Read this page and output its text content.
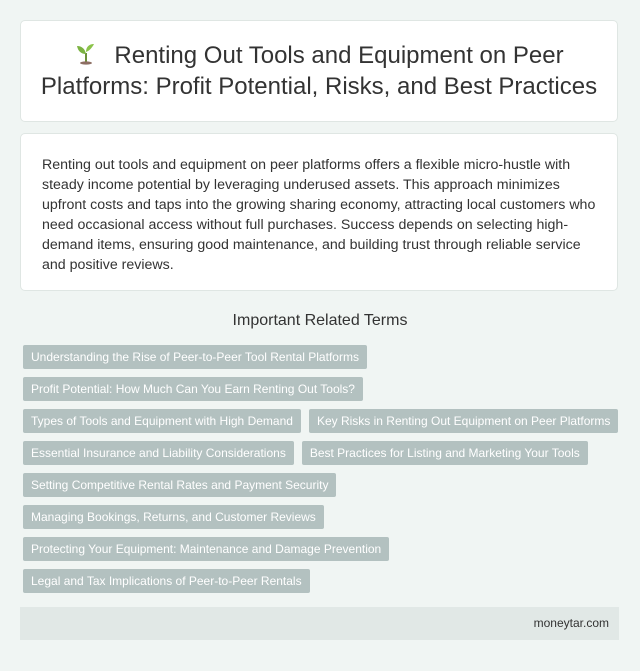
Renting Out Tools and Equipment on Peer Platforms: Profit Potential, Risks, and Best Practices

Renting out tools and equipment on peer platforms offers a flexible micro-hustle with steady income potential by leveraging underused assets. This approach minimizes upfront costs and taps into the growing sharing economy, attracting local customers who need occasional access without full purchases. Success depends on selecting high-demand items, ensuring good maintenance, and building trust through reliable service and positive reviews.

Important Related Terms
Understanding the Rise of Peer-to-Peer Tool Rental Platforms
Profit Potential: How Much Can You Earn Renting Out Tools?
Types of Tools and Equipment with High Demand	Key Risks in Renting Out Equipment on Peer Platforms
Essential Insurance and Liability Considerations	Best Practices for Listing and Marketing Your Tools
Setting Competitive Rental Rates and Payment Security
Managing Bookings, Returns, and Customer Reviews
Protecting Your Equipment: Maintenance and Damage Prevention
Legal and Tax Implications of Peer-to-Peer Rentals
moneytar.com
